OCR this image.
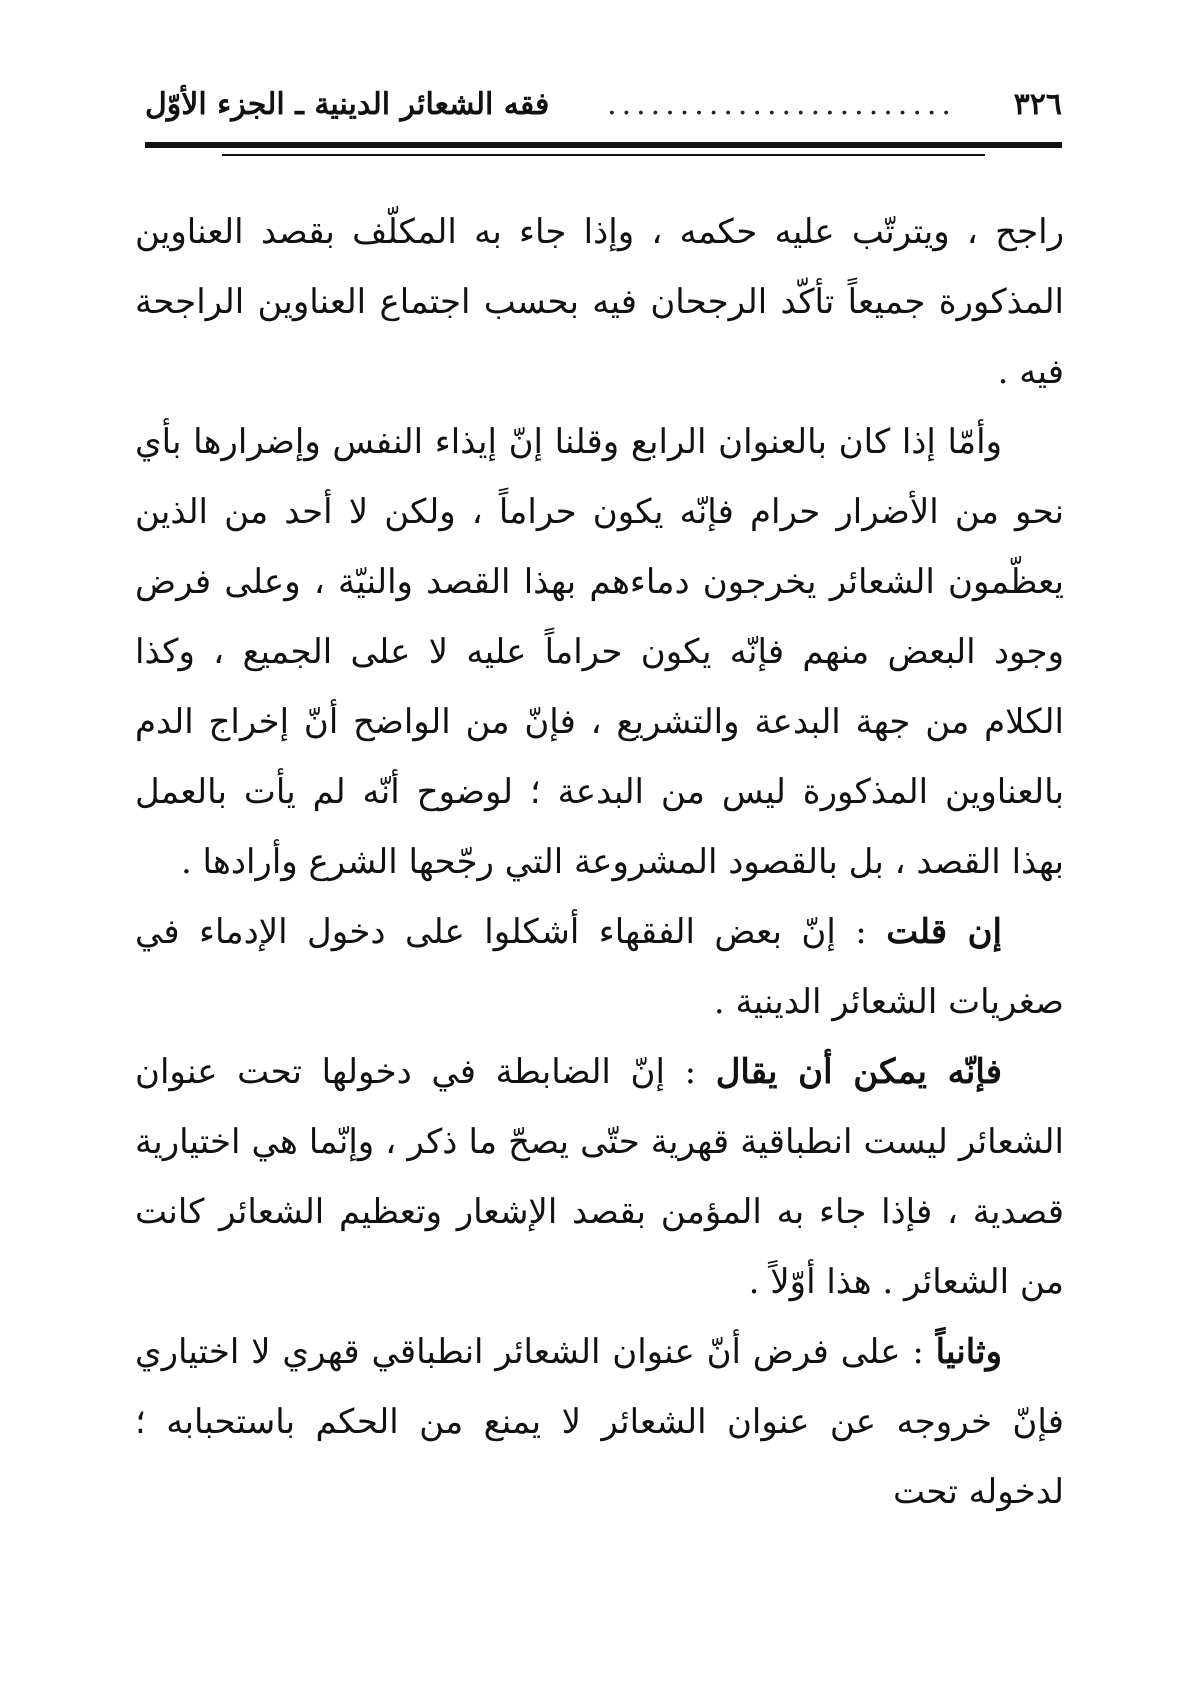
٣٢٦
........................
فقه الشعائر الدينية ـ الجزء الأوّل

راجح ، ويترتّب عليه حكمه ، وإذا جاء به المكلّف بقصد العناوين المذكورة جميعاً تأكّد الرجحان فيه بحسب اجتماع العناوين الراجحة فيه .

وأمّا إذا كان بالعنوان الرابع وقلنا إنّ إيذاء النفس وإضرارها بأي نحو من الأضرار حرام فإنّه يكون حراماً ، ولكن لا أحد من الذين يعظّمون الشعائر يخرجون دماءهم بهذا القصد والنيّة ، وعلى فرض وجود البعض منهم فإنّه يكون حراماً عليه لا على الجميع ، وكذا الكلام من جهة البدعة والتشريع ، فإنّ من الواضح أنّ إخراج الدم بالعناوين المذكورة ليس من البدعة ؛ لوضوح أنّه لم يأت بالعمل بهذا القصد ، بل بالقصود المشروعة التي رجّحها الشرع وأرادها .

إن قلت : إنّ بعض الفقهاء أشكلوا على دخول الإدماء في صغريات الشعائر الدينية .

فإنّه يمكن أن يقال : إنّ الضابطة في دخولها تحت عنوان الشعائر ليست انطباقية قهرية حتّى يصحّ ما ذكر ، وإنّما هي اختيارية قصدية ، فإذا جاء به المؤمن بقصد الإشعار وتعظيم الشعائر كانت من الشعائر . هذا أوّلاً .

وثانياً : على فرض أنّ عنوان الشعائر انطباقي قهري لا اختياري فإنّ خروجه عن عنوان الشعائر لا يمنع من الحكم باستحبابه ؛ لدخوله تحت
